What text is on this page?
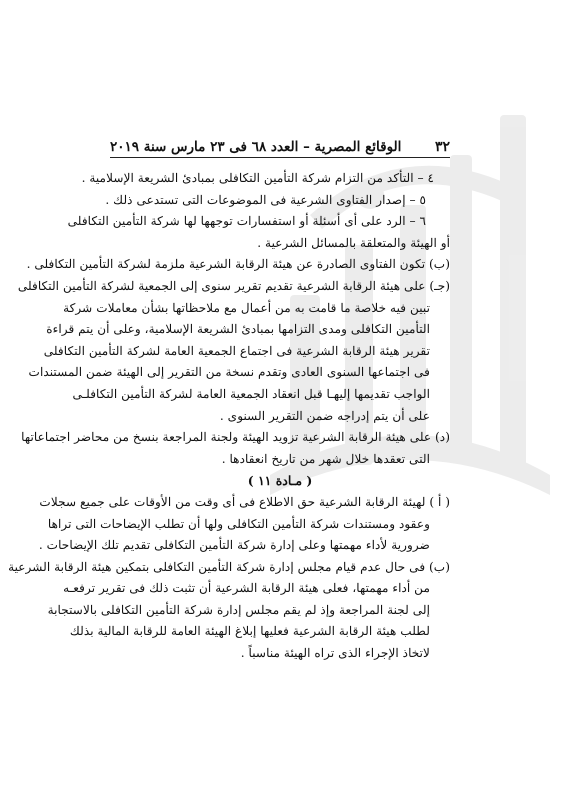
٣٢
الوقائع المصرية – العدد ٦٨ فى ٢٣ مارس سنة ٢٠١٩
٤ – التأكد من التزام شركة التأمين التكافلى بمبادئ الشريعة الإسلامية .
٥ – إصدار الفتاوى الشرعية فى الموضوعات التى تستدعى ذلك .
٦ – الرد على أى أسئلة أو استفسارات توجهها لها شركة التأمين التكافلى
أو الهيئة والمتعلقة بالمسائل الشرعية .
(ب) تكون الفتاوى الصادرة عن هيئة الرقابة الشرعية ملزمة لشركة التأمين التكافلى .
(جـ) على هيئة الرقابة الشرعية تقديم تقرير سنوى إلى الجمعية لشركة التأمين التكافلى
تبين فيه خلاصة ما قامت به من أعمال مع ملاحظاتها بشأن معاملات شركة
التأمين التكافلى ومدى التزامها بمبادئ الشريعة الإسلامية، وعلى أن يتم قراءة
تقرير هيئة الرقابة الشرعية فى اجتماع الجمعية العامة لشركة التأمين التكافلى
فى اجتماعها السنوى العادى وتقدم نسخة من التقرير إلى الهيئة ضمن المستندات
الواجب تقديمها إليهـا قبل انعقاد الجمعية العامة لشركة التأمين التكافلـى
على أن يتم إدراجه ضمن التقرير السنوى .
(د) على هيئة الرقابة الشرعية تزويد الهيئة ولجنة المراجعة بنسخ من محاضر اجتماعاتها
التى تعقدها خلال شهر من تاريخ انعقادها .
( مـادة ١١ )
( أ ) لهيئة الرقابة الشرعية حق الاطلاع فى أى وقت من الأوقات على جميع سجلات
وعقود ومستندات شركة التأمين التكافلى ولها أن تطلب الإيضاحات التى تراها
ضرورية لأداء مهمتها وعلى إدارة شركة التأمين التكافلى تقديم تلك الإيضاحات .
(ب) فى حال عدم قيام مجلس إدارة شركة التأمين التكافلى بتمكين هيئة الرقابة الشرعية
من أداء مهمتها، فعلى هيئة الرقابة الشرعية أن تثبت ذلك فى تقرير ترفعـه
إلى لجنة المراجعة وإذ لم يقم مجلس إدارة شركة التأمين التكافلى بالاستجابة
لطلب هيئة الرقابة الشرعية فعليها إبلاغ الهيئة العامة للرقابة المالية بذلك
لاتخاذ الإجراء الذى تراه الهيئة مناسباً .
